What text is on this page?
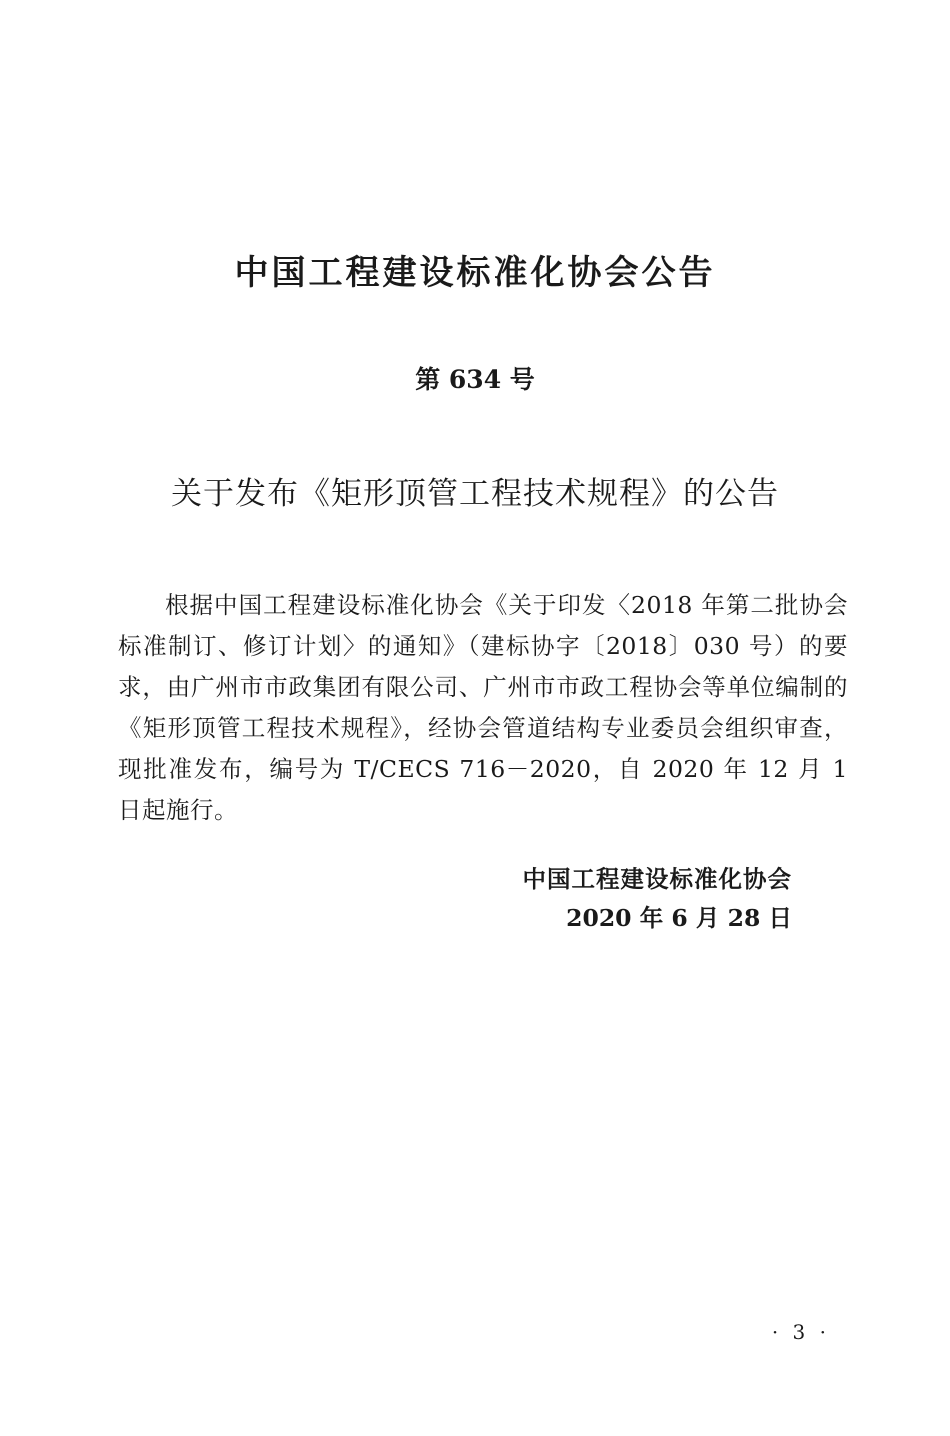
中国工程建设标准化协会公告
第 634 号
关于发布《矩形顶管工程技术规程》的公告

根据中国工程建设标准化协会《关于印发〈2018 年第二批协会标准制订、修订计划〉的通知》（建标协字〔2018〕030 号）的要求，由广州市市政集团有限公司、广州市市政工程协会等单位编制的《矩形顶管工程技术规程》，经协会管道结构专业委员会组织审查，现批准发布，编号为 T/CECS 716－2020，自 2020 年 12 月 1 日起施行。

中国工程建设标准化协会
2020 年 6 月 28 日
· 3 ·
